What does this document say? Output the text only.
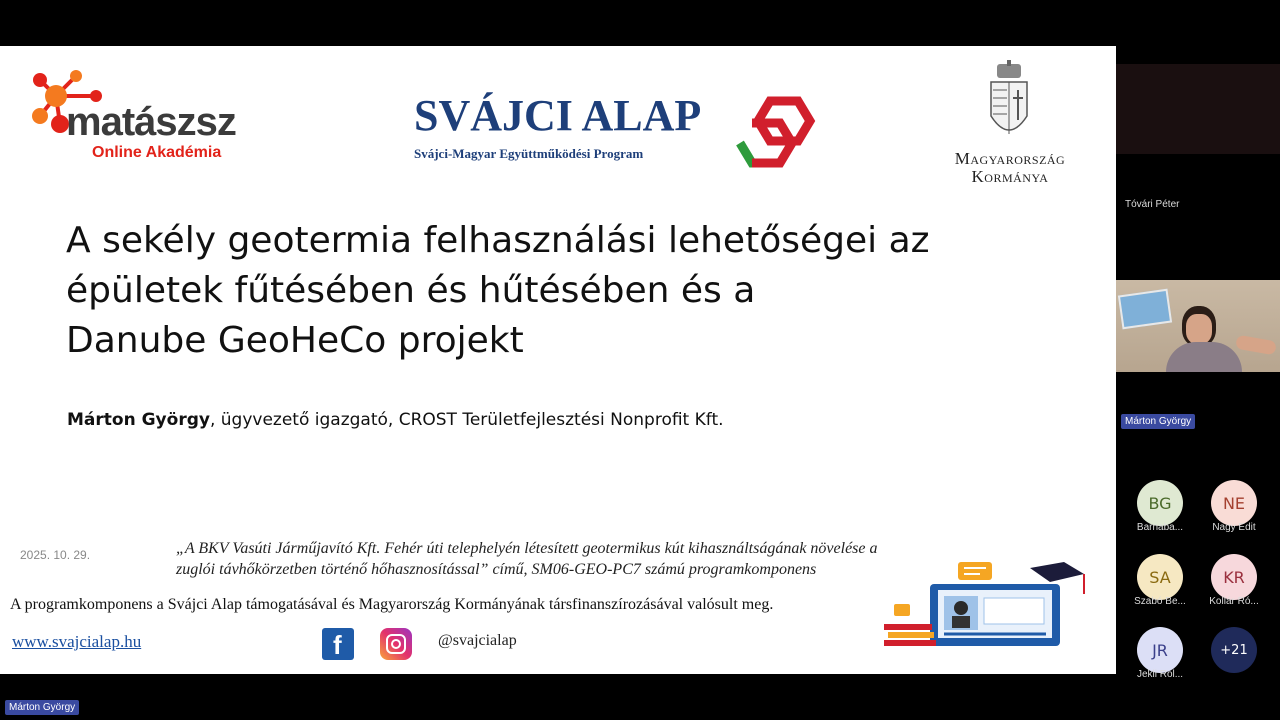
matászsz
Online Akadémia
SVÁJCI ALAP
Svájci-Magyar Együttműködési Program	Magyarország
Kormánya
A sekély geotermia felhasználási lehetőségei az
épületek fűtésében és hűtésében és a
Danube GeoHeCo projekt
Márton György, ügyvezető igazgató, CROST Területfejlesztési Nonprofit Kft.
2025. 10. 29.	„A BKV Vasúti Járműjavító Kft. Fehér úti telephelyén létesített geotermikus kút kihasználtságának növelése a
zuglói távhőkörzetben történő hőhasznosítással” című, SM06-GEO-PC7 számú programkomponens
A programkomponens a Svájci Alap támogatásával és Magyarország Kormányának társfinanszírozásával valósult meg.
www.svajcialap.hu	f	@svajcialap
Tóvári Péter
Márton György
BG
Barnaba...
NE
Nagy Edit
SA
Szabó Be...
KR
Kollár Ró...
JR
Jekli Rol...
+21
Márton György
